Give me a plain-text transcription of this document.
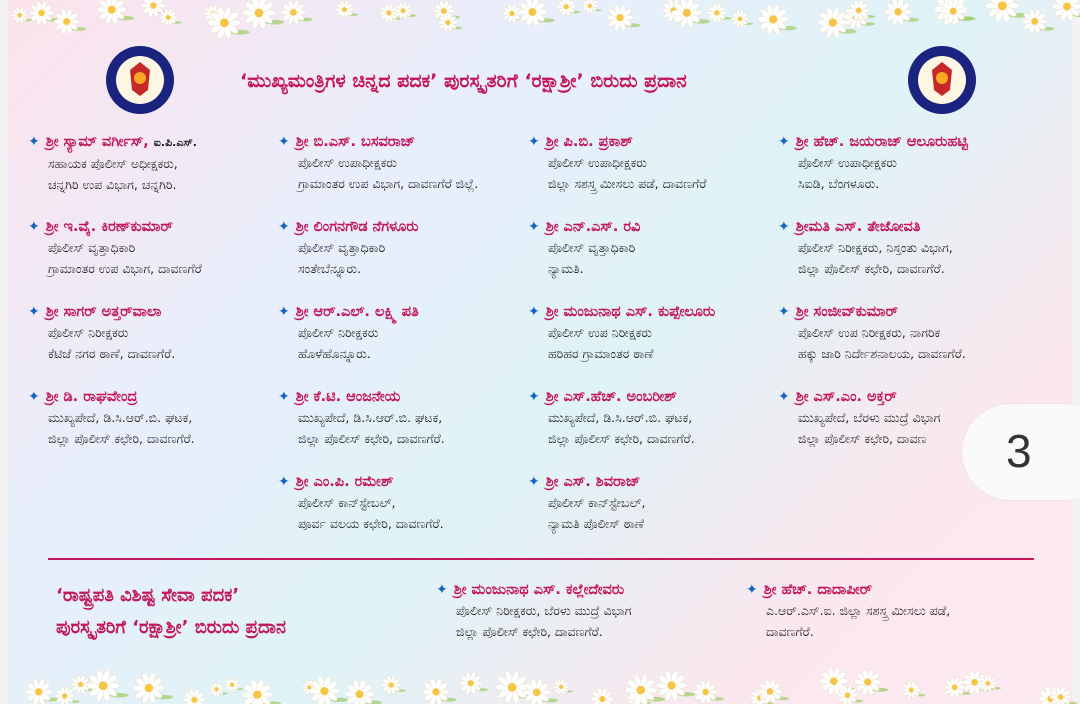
‘ಮುಖ್ಯಮಂತ್ರಿಗಳ ಚಿನ್ನದ ಪದಕ’ ಪುರಸ್ಕೃತರಿಗೆ ‘ರಕ್ಷಾಶ್ರೀ’ ಬಿರುದು ಪ್ರದಾನ
✦ ಶ್ರೀ ಸ್ಯಾಮ್ ವರ್ಗೀಸ್, ಐ.ಪಿ.ಎಸ್.
ಸಹಾಯಕ ಪೊಲೀಸ್ ಅಧೀಕ್ಷಕರು,
ಚನ್ನಗಿರಿ ಉಪ ವಿಭಾಗ, ಚನ್ನಗಿರಿ.
✦ ಶ್ರೀ ಬಿ.ಎಸ್. ಬಸವರಾಜ್
ಪೊಲೀಸ್ ಉಪಾಧೀಕ್ಷಕರು
ಗ್ರಾಮಾಂತರ ಉಪ ವಿಭಾಗ, ದಾವಣಗೆರೆ ಜಿಲ್ಲೆ.
✦ ಶ್ರೀ ಪಿ.ಬಿ. ಪ್ರಕಾಶ್
ಪೊಲೀಸ್ ಉಪಾಧೀಕ್ಷಕರು
ಜಿಲ್ಲಾ ಸಶಸ್ತ್ರ ಮೀಸಲು ಪಡೆ, ದಾವಣಗೆರೆ
✦ ಶ್ರೀ ಹೆಚ್. ಜಯರಾಜ್ ಆಲೂರುಹಟ್ಟಿ
ಪೊಲೀಸ್ ಉಪಾಧೀಕ್ಷಕರು
ಸಿಐಡಿ, ಬೆಂಗಳೂರು.
✦ ಶ್ರೀ ಇ.ವೈ. ಕಿರಣ್‌ಕುಮಾರ್
ಪೊಲೀಸ್ ವೃತ್ತಾಧಿಕಾರಿ
ಗ್ರಾಮಾಂತರ ಉಪ ವಿಭಾಗ, ದಾವಣಗೆರೆ
✦ ಶ್ರೀ ಲಿಂಗನಗೌಡ ನೆಗಳೂರು
ಪೊಲೀಸ್ ವೃತ್ತಾಧಿಕಾರಿ
ಸಂತೇಬೆನ್ನೂರು.
✦ ಶ್ರೀ ಎನ್.ಎಸ್. ರವಿ
ಪೊಲೀಸ್ ವೃತ್ತಾಧಿಕಾರಿ
ನ್ಯಾಮತಿ.
✦ ಶ್ರೀಮತಿ ಎಸ್. ತೇಜೋವತಿ
ಪೊಲೀಸ್ ನಿರೀಕ್ಷಕರು, ನಿಸ್ತಂತು ವಿಭಾಗ,
ಜಿಲ್ಲಾ ಪೊಲೀಸ್ ಕಛೇರಿ, ದಾವಣಗೆರೆ.
✦ ಶ್ರೀ ಸಾಗರ್ ಅತ್ತರ್‌ವಾಲಾ
ಪೊಲೀಸ್ ನಿರೀಕ್ಷಕರು
ಕೆಟಿಜೆ ನಗರ ಠಾಣೆ, ದಾವಣಗೆರೆ.
✦ ಶ್ರೀ ಆರ್.ಎಲ್. ಲಕ್ಷ್ಮಿ ಪತಿ
ಪೊಲೀಸ್ ನಿರೀಕ್ಷಕರು
ಹೊಳೆಹೊನ್ನೂರು.
✦ ಶ್ರೀ ಮಂಜುನಾಥ ಎಸ್. ಕುಪ್ಪೇಲೂರು
ಪೊಲೀಸ್ ಉಪ ನಿರೀಕ್ಷಕರು
ಹರಿಹರ ಗ್ರಾಮಾಂತರ ಠಾಣೆ
✦ ಶ್ರೀ ಸಂಜೀವ್‌ಕುಮಾರ್
ಪೊಲೀಸ್ ಉಪ ನಿರೀಕ್ಷಕರು, ನಾಗರಿಕ
ಹಕ್ಕು ಜಾರಿ ನಿರ್ದೇಶನಾಲಯ, ದಾವಣಗೆರೆ.
✦ ಶ್ರೀ ಡಿ. ರಾಘವೇಂದ್ರ
ಮುಖ್ಯಪೇದೆ, ಡಿ.ಸಿ.ಆರ್.ಬಿ. ಘಟಕ,
ಜಿಲ್ಲಾ ಪೊಲೀಸ್ ಕಛೇರಿ, ದಾವಣಗೆರೆ.
✦ ಶ್ರೀ ಕೆ.ಟಿ. ಆಂಜನೇಯ
ಮುಖ್ಯಪೇದೆ, ಡಿ.ಸಿ.ಆರ್.ಬಿ. ಘಟಕ,
ಜಿಲ್ಲಾ ಪೊಲೀಸ್ ಕಛೇರಿ, ದಾವಣಗೆರೆ.
✦ ಶ್ರೀ ಎಸ್.ಹೆಚ್. ಅಂಬರೀಶ್
ಮುಖ್ಯಪೇದೆ, ಡಿ.ಸಿ.ಆರ್.ಬಿ. ಘಟಕ,
ಜಿಲ್ಲಾ ಪೊಲೀಸ್ ಕಛೇರಿ, ದಾವಣಗೆರೆ.
✦ ಶ್ರೀ ಎಸ್.ಎಂ. ಅಕ್ತರ್
ಮುಖ್ಯಪೇದೆ, ಬೆರಳು ಮುದ್ರೆ ವಿಭಾಗ
ಜಿಲ್ಲಾ ಪೊಲೀಸ್ ಕಛೇರಿ, ದಾವಣ
✦ ಶ್ರೀ ಎಂ.ಪಿ. ರಮೇಶ್
ಪೊಲೀಸ್ ಕಾನ್‌ಸ್ಟೇಬಲ್,
ಪೂರ್ವ ವಲಯ ಕಛೇರಿ, ದಾವಣಗೆರೆ.
✦ ಶ್ರೀ ಎಸ್. ಶಿವರಾಜ್
ಪೊಲೀಸ್ ಕಾನ್‌ಸ್ಟೇಬಲ್,
ನ್ಯಾಮತಿ ಪೊಲೀಸ್ ಠಾಣೆ
‘ರಾಷ್ಟ್ರಪತಿ ವಿಶಿಷ್ಟ ಸೇವಾ ಪದಕ’
ಪುರಸ್ಕೃತರಿಗೆ ‘ರಕ್ಷಾಶ್ರೀ’ ಬಿರುದು ಪ್ರದಾನ
✦ ಶ್ರೀ ಮಂಜುನಾಥ ಎಸ್. ಕಲ್ಲೇದೇವರು
ಪೊಲೀಸ್ ನಿರೀಕ್ಷಕರು, ಬೆರಳು ಮುದ್ರೆ ವಿಭಾಗ
ಜಿಲ್ಲಾ ಪೊಲೀಸ್ ಕಛೇರಿ, ದಾವಣಗೆರೆ.
✦ ಶ್ರೀ ಹೆಚ್. ದಾದಾಪೀರ್
ಎ.ಆರ್.ಎಸ್.ಐ. ಜಿಲ್ಲಾ ಸಶಸ್ತ್ರ ಮೀಸಲು ಪಡೆ,
ದಾವಣಗೆರೆ.
3
